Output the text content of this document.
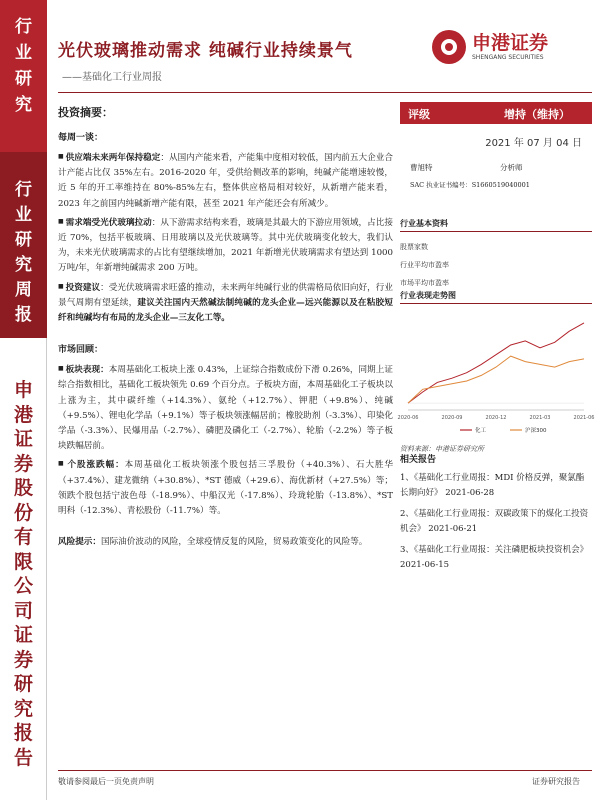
行
业
研
究
行
业
研
究
周
报
申
港
证
券
股
份
有
限
公
司
证
券
研
究
报
告
光伏玻璃推动需求 纯碱行业持续景气
——基础化工行业周报
申港证券
SHENGANG SECURITIES

投资摘要：

每周一谈：

■ 供应端未来两年保持稳定：从国内产能来看，产能集中度相对较低，国内前五大企业合计产能占比仅 35%左右。2016-2020 年，受供给侧改革的影响，纯碱产能增速较慢，近 5 年的开工率维持在 80%-85%左右，整体供应格局相对较好，从新增产能来看，2023 年之前国内纯碱新增产能有限，甚至 2021 年产能还会有所减少。

■ 需求端受光伏玻璃拉动：从下游需求结构来看，玻璃是其最大的下游应用领域，占比接近 70%，包括平板玻璃、日用玻璃以及光伏玻璃等。其中光伏玻璃变化较大，我们认为，未来光伏玻璃需求的占比有望继续增加，2021 年新增光伏玻璃需求有望达到 1000 万吨/年，年新增纯碱需求 200 万吨。

■ 投资建议：受光伏玻璃需求旺盛的推动，未来两年纯碱行业的供需格局依旧向好，行业景气周期有望延续，建议关注国内天然碱法制纯碱的龙头企业—远兴能源以及在粘胶短纤和纯碱均有布局的龙头企业—三友化工等。

市场回顾：

■ 板块表现：本周基础化工板块上涨 0.43%，上证综合指数成份下滑 0.26%，同期上证综合指数相比，基础化工板块领先 0.69 个百分点。子板块方面，本周基础化工子板块以上涨为主，其中碳纤维（+14.3%）、氨纶（+12.7%）、钾肥（+9.8%）、纯碱（+9.5%）、锂电化学品（+9.1%）等子板块领涨幅居前；橡胶助剂（-3.3%）、印染化学品（-3.3%）、民爆用品（-2.7%）、磷肥及磷化工（-2.7%）、轮胎（-2.2%）等子板块跌幅居前。

■ 个股涨跌幅：本周基础化工板块领涨个股包括三孚股份（+40.3%）、石大胜华（+37.4%）、建龙微纳（+30.8%）、*ST 德威（+29.6）、海优新材（+27.5%）等；领跌个股包括宁波色母（-18.9%）、中船汉光（-17.8%）、玲珑轮胎（-13.8%）、*ST 明科（-12.3%）、青松股份（-11.7%）等。

风险提示：国际油价波动的风险，全球疫情反复的风险，贸易政策变化的风险等。

评级	增持（维持）
2021 年 07 月 04 日
曹旭特	分析师
SAC 执业证书编号：S1660519040001
行业基本资料
股票家数
行业平均市盈率
市场平均市盈率
行业表现走势图
2020-06	2020-09	2020-12	2021-03	2021-06
化工	沪深300
资料来源：申港证券研究所
相关报告
1、《基础化工行业周报：MDI 价格反弹，聚氯酯长期向好》 2021-06-28
2、《基础化工行业周报：双碳政策下的煤化工投资机会》 2021-06-21
3、《基础化工行业周报：关注磷肥板块投资机会》 2021-06-15
敬请参阅最后一页免责声明	证券研究报告
